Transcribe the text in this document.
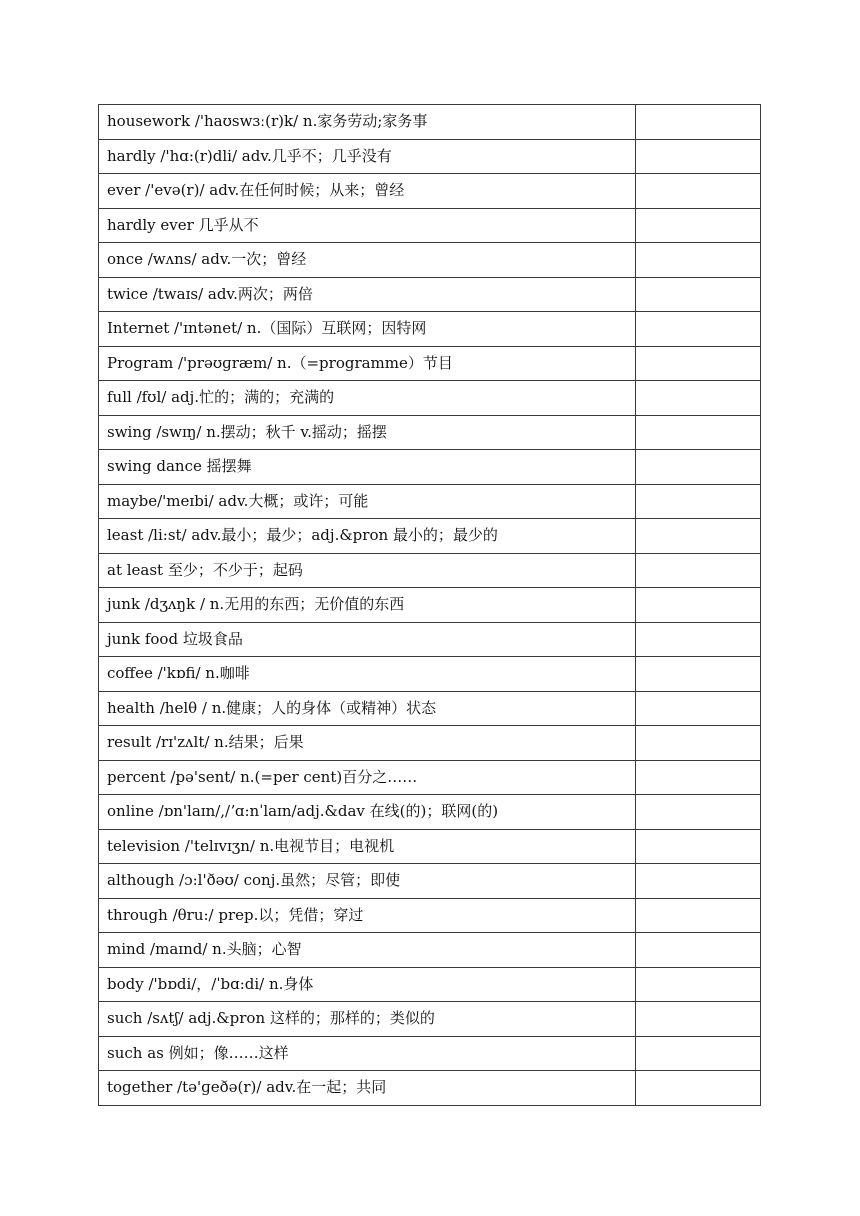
housework /'haʊswɜː(r)k/ n.家务劳动;家务事	
hardly /'hɑ:(r)dli/ adv.几乎不；几乎没有	
ever /'evə(r)/ adv.在任何时候；从来；曾经	
hardly ever 几乎从不	
once /wʌns/ adv.一次；曾经	
twice /twaɪs/ adv.两次；两倍	
Internet /'ɪntənet/ n.（国际）互联网；因特网	
Program /'prəʊɡræm/ n.（=programme）节目	
full /fʊl/ adj.忙的；满的；充满的	
swing /swɪŋ/ n.摆动；秋千 v.摇动；摇摆	
swing dance 摇摆舞	
maybe/'meɪbi/ adv.大概；或许；可能	
least /li:st/ adv.最小；最少；adj.&pron 最小的；最少的	
at least 至少；不少于；起码	
junk /dʒʌŋk / n.无用的东西；无价值的东西	
junk food 垃圾食品	
coffee /'kɒfi/ n.咖啡	
health /helθ / n.健康；人的身体（或精神）状态	
result /rɪ'zʌlt/ n.结果；后果	
percent /pə'sent/ n.(=per cent)百分之……	
online /ɒn'laɪn/,/ʼɑ:nˈlaɪn/adj.&dav 在线(的)；联网(的)	
television /'telɪvɪʒn/ n.电视节目；电视机	
although /ɔ:l'ðəʊ/ conj.虽然；尽管；即使	
through /θru:/ prep.以；凭借；穿过	
mind /maɪnd/ n.头脑；心智	
body /'bɒdi/，/ˈbɑ:di/ n.身体	
such /sʌtʃ/ adj.&pron 这样的；那样的；类似的	
such as 例如；像……这样	
together /tə'ɡeðə(r)/ adv.在一起；共同	
